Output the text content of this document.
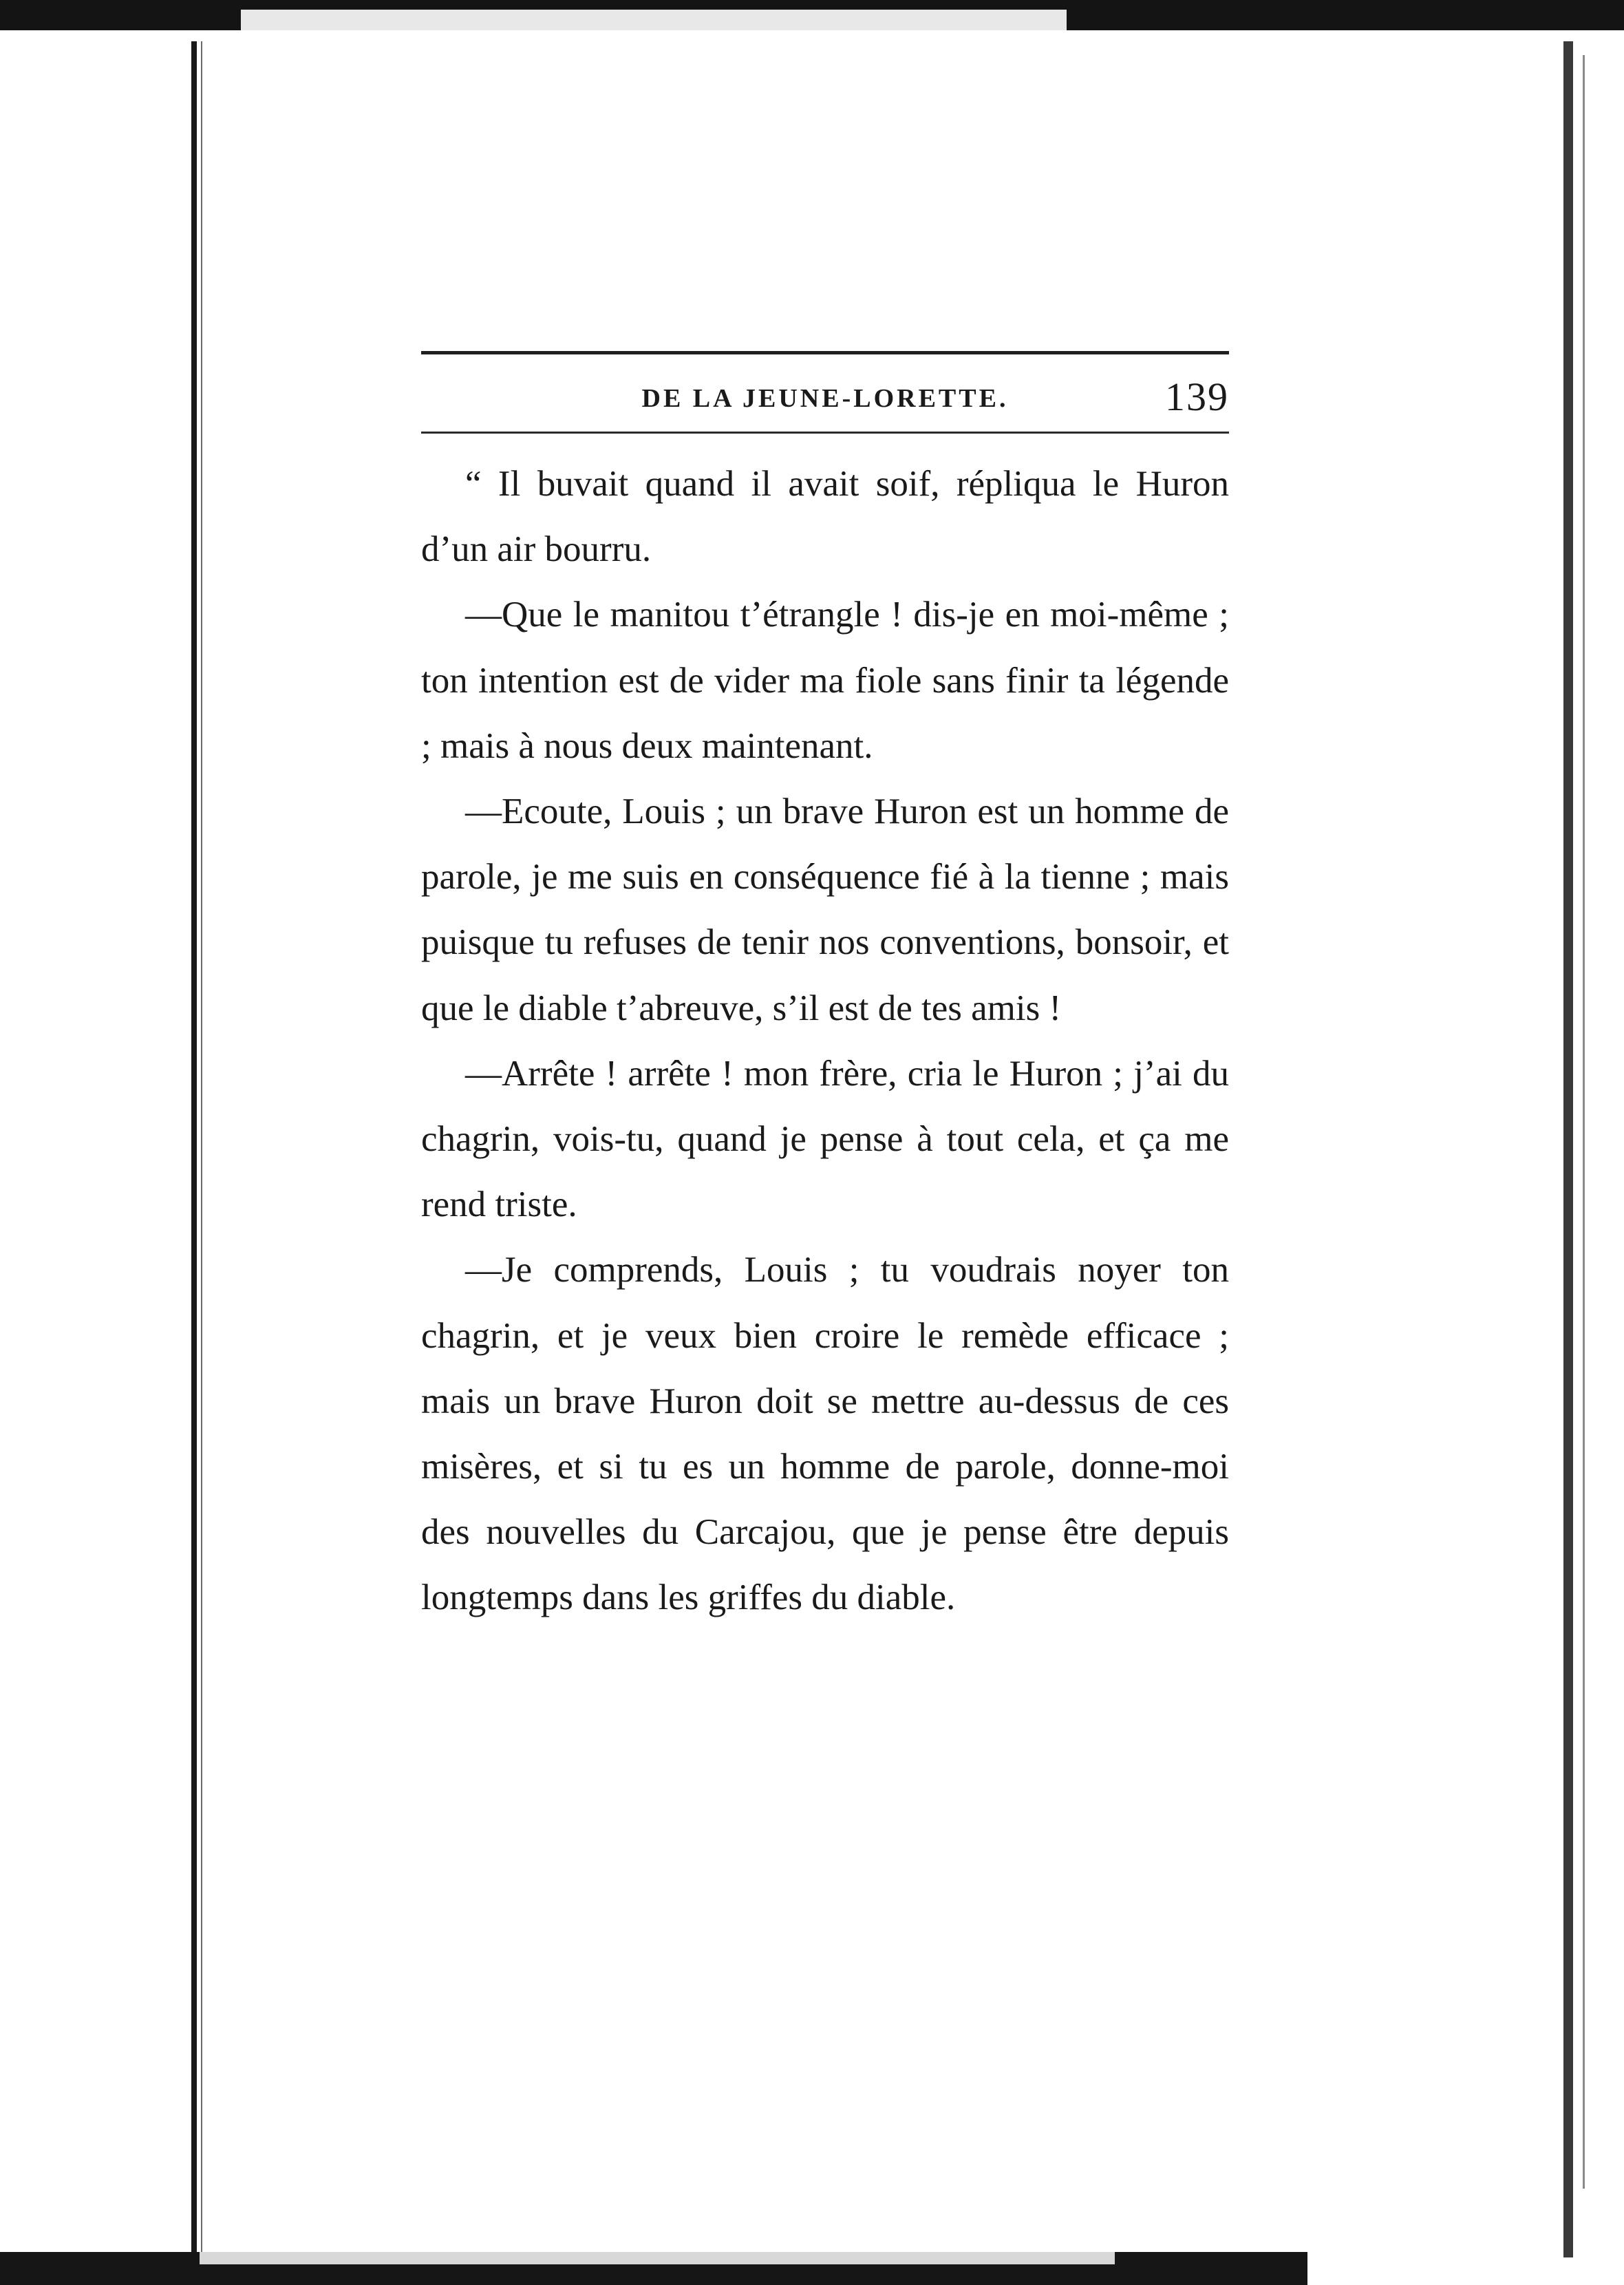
DE LA JEUNE-LORETTE.	139

“ Il buvait quand il avait soif, répliqua le Huron d’un air bourru.

—Que le manitou t’étrangle ! dis-je en moi-même ; ton intention est de vider ma fiole sans finir ta légende ; mais à nous deux maintenant.

—Ecoute, Louis ; un brave Huron est un homme de parole, je me suis en conséquence fié à la tienne ; mais puisque tu refuses de tenir nos conventions, bonsoir, et que le diable t’abreuve, s’il est de tes amis !

—Arrête ! arrête ! mon frère, cria le Huron ; j’ai du chagrin, vois-tu, quand je pense à tout cela, et ça me rend triste.

—Je comprends, Louis ; tu voudrais noyer ton chagrin, et je veux bien croire le remède efficace ; mais un brave Huron doit se mettre au-dessus de ces misères, et si tu es un homme de parole, donne-moi des nouvelles du Carcajou, que je pense être depuis longtemps dans les griffes du diable.
